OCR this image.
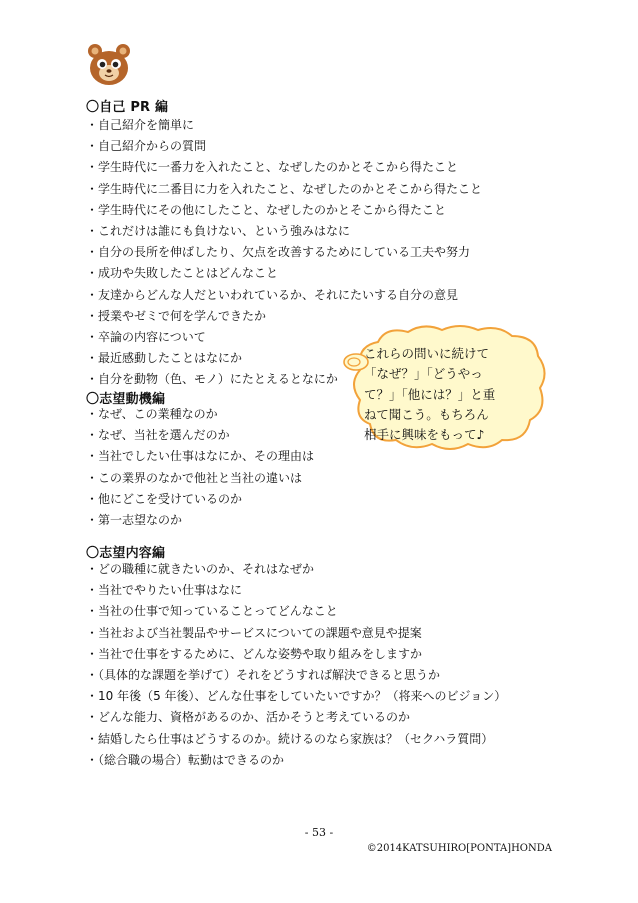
〇自己 PR 編
・自己紹介を簡単に
・自己紹介からの質問
・学生時代に一番力を入れたこと、なぜしたのかとそこから得たこと
・学生時代に二番目に力を入れたこと、なぜしたのかとそこから得たこと
・学生時代にその他にしたこと、なぜしたのかとそこから得たこと
・これだけは誰にも負けない、という強みはなに
・自分の長所を伸ばしたり、欠点を改善するためにしている工夫や努力
・成功や失敗したことはどんなこと
・友達からどんな人だといわれているか、それにたいする自分の意見
・授業やゼミで何を学んできたか
・卒論の内容について
・最近感動したことはなにか
・自分を動物（色、モノ）にたとえるとなにか
〇志望動機編
・なぜ、この業種なのか
・なぜ、当社を選んだのか
・当社でしたい仕事はなにか、その理由は
・この業界のなかで他社と当社の違いは
・他にどこを受けているのか
・第一志望なのか
〇志望内容編
・どの職種に就きたいのか、それはなぜか
・当社でやりたい仕事はなに
・当社の仕事で知っていることってどんなこと
・当社および当社製品やサービスについての課題や意見や提案
・当社で仕事をするために、どんな姿勢や取り組みをしますか
・（具体的な課題を挙げて）それをどうすれば解決できると思うか
・10 年後（5 年後）、どんな仕事をしていたいですか？（将来へのビジョン）
・どんな能力、資格があるのか、活かそうと考えているのか
・結婚したら仕事はどうするのか。続けるのなら家族は？（セクハラ質問）
・（総合職の場合）転勤はできるのか
これらの問いに続けて
「なぜ？」「どうやっ
て？」「他には？」と重
ねて聞こう。もちろん
相手に興味をもって♪
- 53 -
©2014KATSUHIRO[PONTA]HONDA
